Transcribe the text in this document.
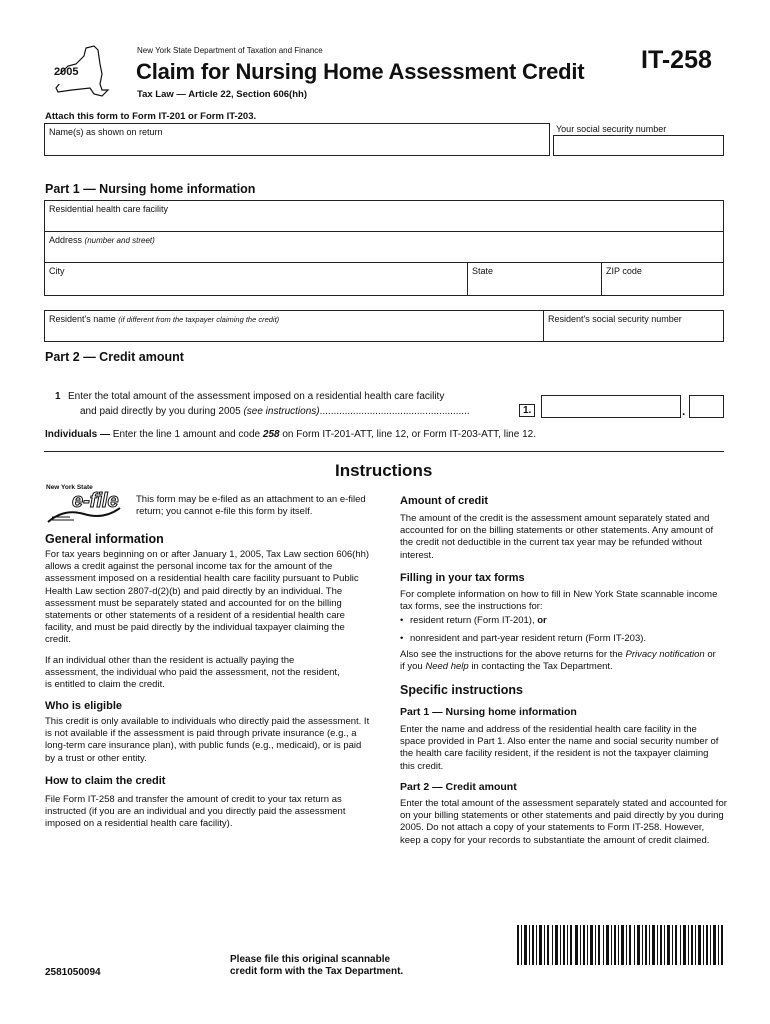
2005
New York State Department of Taxation and Finance
Claim for Nursing Home Assessment Credit IT-258
Tax Law — Article 22, Section 606(hh)
Attach this form to Form IT-201 or Form IT-203.
Name(s) as shown on return	Your social security number
Part 1 — Nursing home information
Residential health care facility
Address (number and street)
City	State	ZIP code
Resident's name (if different from the taxpayer claiming the credit)	Resident's social security number
Part 2 — Credit amount
1 Enter the total amount of the assessment imposed on a residential health care facility
and paid directly by you during 2005 (see instructions)......................................................	1.	.
Individuals — Enter the line 1 amount and code 258 on Form IT-201-ATT, line 12, or Form IT-203-ATT, line 12.
Instructions
New York State
e-file This form may be e-filed as an attachment to an e-filed return; you cannot e-file this form by itself.
General information
For tax years beginning on or after January 1, 2005, Tax Law section 606(hh) allows a credit against the personal income tax for the amount of the assessment imposed on a residential health care facility pursuant to Public Health Law section 2807-d(2)(b) and paid directly by an individual. The assessment must be separately stated and accounted for on the billing statements or other statements of a resident of a residential health care facility, and must be paid directly by the individual taxpayer claiming the credit.
If an individual other than the resident is actually paying the assessment, the individual who paid the assessment, not the resident, is entitled to claim the credit.
Who is eligible
This credit is only available to individuals who directly paid the assessment. It is not available if the assessment is paid through private insurance (e.g., a long-term care insurance plan), with public funds (e.g., medicaid), or is paid by a trust or other entity.
How to claim the credit
File Form IT-258 and transfer the amount of credit to your tax return as instructed (if you are an individual and you directly paid the assessment imposed on a residential health care facility).
Amount of credit
The amount of the credit is the assessment amount separately stated and accounted for on the billing statements or other statements. Any amount of the credit not deductible in the current tax year may be refunded without interest.
Filling in your tax forms
For complete information on how to fill in New York State scannable income tax forms, see the instructions for:
• resident return (Form IT-201), or
• nonresident and part-year resident return (Form IT-203).
Also see the instructions for the above returns for the Privacy notification or if you Need help in contacting the Tax Department.
Specific instructions
Part 1 — Nursing home information
Enter the name and address of the residential health care facility in the space provided in Part 1. Also enter the name and social security number of the health care facility resident, if the resident is not the taxpayer claiming this credit.
Part 2 — Credit amount
Enter the total amount of the assessment separately stated and accounted for on your billing statements or other statements and paid directly by you during 2005. Do not attach a copy of your statements to Form IT-258. However, keep a copy for your records to substantiate the amount of credit claimed.
2581050094
Please file this original scannable
credit form with the Tax Department.
